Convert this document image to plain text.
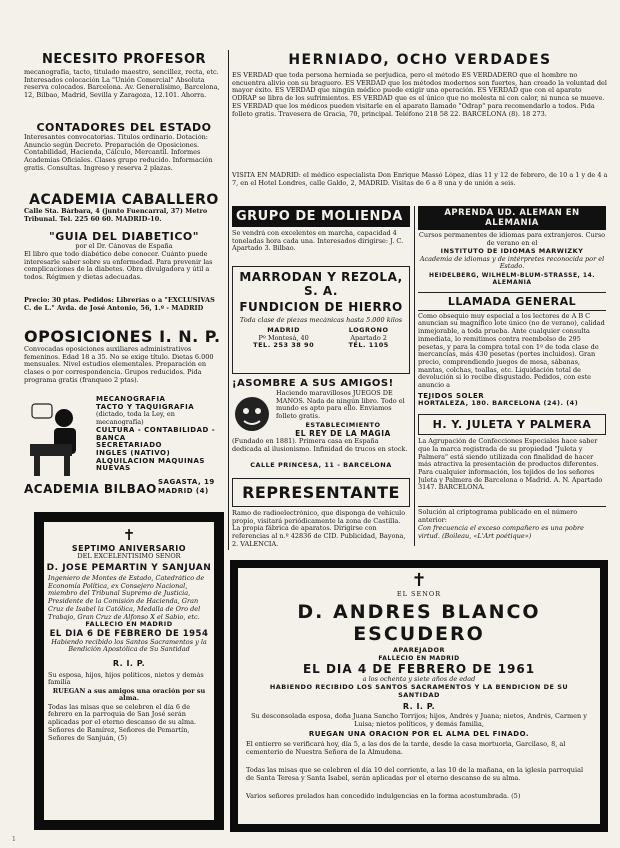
NECESITO PROFESOR
mecanografía, tacto, titulado maestro, sencillez, recta, etc. Interesados colocación La "Unión Comercial" Absoluta reserva colocados. Barcelona. Av. Generalísimo, Barcelona, 12, Bilbao, Madrid, Sevilla y Zaragoza, 12.101. Ahorra.
CONTADORES DEL ESTADO
Interesantes convocatorias. Títulos ordinario. Dotación: Anuncio según Decreto. Preparación de Oposiciones. Contabilidad, Hacienda, Cálculo, Mercantil. Informes Academias Oficiales. Clases grupo reducido. Información gratis. Consultas. Ingreso y reserva 2 plazas.
ACADEMIA CABALLERO
Calle Sta. Bárbara, 4 (junto Fuencarral, 37) Metro Tribunal. Tel. 225 60 60. MADRID-10.
"GUIA DEL DIABETICO"
por el Dr. Cánovas de España
El libro que todo diabético debe conocer. Cuánto puede interesarle saber sobre su enfermedad. Para prevenir las complicaciones de la diabetes. Obra divulgadora y útil a todos. Régimen y dietas adecuadas.
Precio: 30 ptas. Pedidos: Librerías o a "EXCLUSIVAS C. de L." Avda. de José Antonio, 56, 1.º - MADRID
OPOSICIONES I. N. P.
Convocadas oposiciones auxiliares administrativos femeninos. Edad 18 a 35. No se exige título. Dietas 6.000 mensuales. Nivel estudios elementales. Preparación en clases o por correspondencia. Grupos reducidos. Pida programa gratis (franqueo 2 ptas).
MECANOGRAFIA
TACTO Y TAQUIGRAFIA
(dictado, toda la Ley, en mecanografía)
CULTURA - CONTABILIDAD - BANCA
SECRETARIADO
INGLES (NATIVO)
ALQUILACION MAQUINAS NUEVAS
ACADEMIA BILBAO SAGASTA, 19 MADRID (4)
✝
SEPTIMO ANIVERSARIO
DEL EXCELENTISIMO SEÑOR
D. JOSE PEMARTIN Y SANJUAN
Ingeniero de Montes de Estado, Catedrático de Economía Política, ex Consejero Nacional, miembro del Tribunal Supremo de Justicia, Presidente de la Comisión de Hacienda, Gran Cruz de Isabel la Católica, Medalla de Oro del Trabajo, Gran Cruz de Alfonso X el Sabio, etc.
FALLECIO EN MADRID
EL DIA 6 DE FEBRERO DE 1954
Habiendo recibido los Santos Sacramentos y la Bendición Apostólica de Su Santidad
R. I. P.
Su esposa, hijos, hijos políticos, nietos y demás familia
RUEGAN a sus amigos una oración por su alma.
Todas las misas que se celebren el día 6 de febrero en la parroquia de San José serán aplicadas por el eterno descanso de su alma. Señores de Ramírez, Señores de Pemartín, Señores de Sanjuán, (5)
HERNIADO, OCHO VERDADES
ES VERDAD que toda persona herniada se perjudica, pero el método ES VERDADERO que el hombre no encuentra alivio con su braguero. ES VERDAD que los métodos modernos son fuertes, han creado la voluntad del mayor éxito. ES VERDAD que ningún médico puede exigir una operación. ES VERDAD que con el aparato ODRAP se libra de los sufrimientos. ES VERDAD que es el único que no molesta ni con calor, ni nunca se mueve. ES VERDAD que los médicos pueden visitarle en el aparato llamado "Odrap" para recomendarlo a todos. Pida folleto gratis. Travesera de Gracia, 70, principal. Teléfono 218 58 22. BARCELONA (8). 18 273.
VISITA EN MADRID: el médico especialista Don Enrique Massó López, días 11 y 12 de febrero, de 10 a 1 y de 4 a 7, en el Hotel Londres, calle Galdo, 2, MADRID. Visitas de 6 a 8 una y de unión a seis.
GRUPO DE MOLIENDA
Se vendrá con excelentes en marcha, capacidad 4 toneladas hora cada una. Interesados dirigirse: J. C. Apartado 3. Bilbao.
MARRODAN Y REZOLA, S. A.
FUNDICION DE HIERRO
Toda clase de piezas mecánicas hasta 5.000 kilos
MADRID
Pº Montesá, 40
TEL. 253 38 90
LOGROÑO
Apartado 2
TEL. 1105
¡ASOMBRE A SUS AMIGOS!
Haciendo maravillosos JUEGOS DE MANOS. Nada de ningún libro. Todo el mundo es apto para ello. Enviamos folleto gratis.
ESTABLECIMIENTO
EL REY DE LA MAGIA
(Fundado en 1881). Primera casa en España dedicada al ilusionismo. Infinidad de trucos en stock.
CALLE PRINCESA, 11 - BARCELONA
REPRESENTANTE
Ramo de radioelectrónico, que disponga de vehículo propio, visitará periódicamente la zona de Castilla. La propia fábrica de aparatos. Dirigirse con referencias al n.º 42836 de CID. Publicidad, Bayona, 2. VALENCIA.
APRENDA UD. ALEMAN EN ALEMANIA
Cursos permanentes de idiomas para extranjeros. Curso de verano en el
INSTITUTO DE IDIOMAS MARWIZKY
Academia de idiomas y de intérpretes reconocida por el Estado.
HEIDELBERG, WILHELM-BLUM-STRASSE, 14. ALEMANIA
LLAMADA GENERAL
Como obsequio muy especial a los lectores de A B C anuncian su magnífico lote único (no de verano), calidad inmejorable, a toda prueba. Ante cualquier consulta inmediata, lo remitimos contra reembolso de 295 pesetas, y para la compra total con 1º de toda clase de mercancías, más 430 pesetas (portes incluidos). Gran precio, comprendiendo juegos de mesa, sábanas, mantas, colchas, toallas, etc. Liquidación total de devolución si lo recibe disgustado. Pedidos, con este anuncio a
TEJIDOS SOLER
HORTALEZA, 180. BARCELONA (24). (4)
H. Y. JULETA Y PALMERA
La Agrupación de Confecciones Especiales hace saber que la marca registrada de su propiedad "Juleta y Palmera" está siendo utilizada con finalidad de hacer más atractiva la presentación de productos diferentes. Para cualquier información, los tejidos de los señores Juleta y Palmera de Barcelona o Madrid. A. N. Apartado 3147. BARCELONA.
Solución al criptograma publicado en el número anterior:
Con frecuencia el exceso compañero es una pobre virtud. (Boileau, «L'Art poétique»)
✝
EL SEÑOR
D. ANDRES BLANCO ESCUDERO
APAREJADOR
FALLECIO EN MADRID
EL DIA 4 DE FEBRERO DE 1961
a los ochenta y siete años de edad
HABIENDO RECIBIDO LOS SANTOS SACRAMENTOS Y LA BENDICION DE SU SANTIDAD
R. I. P.
Su desconsolada esposa, doña Juana Sancho Torrijos; hijos, Andrés y Juana; nietos, Andrés, Carmen y Luisa; nietos políticos, y demás familia,
RUEGAN UNA ORACIÓN POR EL ALMA DEL FINADO.
El entierro se verificará hoy, día 5, a las dos de la tarde, desde la casa mortuoria, Garcilaso, 8, al cementerio de Nuestra Señora de la Almudena.
Todas las misas que se celebren el día 10 del corriente, a las 10 de la mañana, en la iglesia parroquial de Santa Teresa y Santa Isabel, serán aplicadas por el eterno descanso de su alma.
Varios señores prelados han concedido indulgencias en la forma acostumbrada. (5)
1
